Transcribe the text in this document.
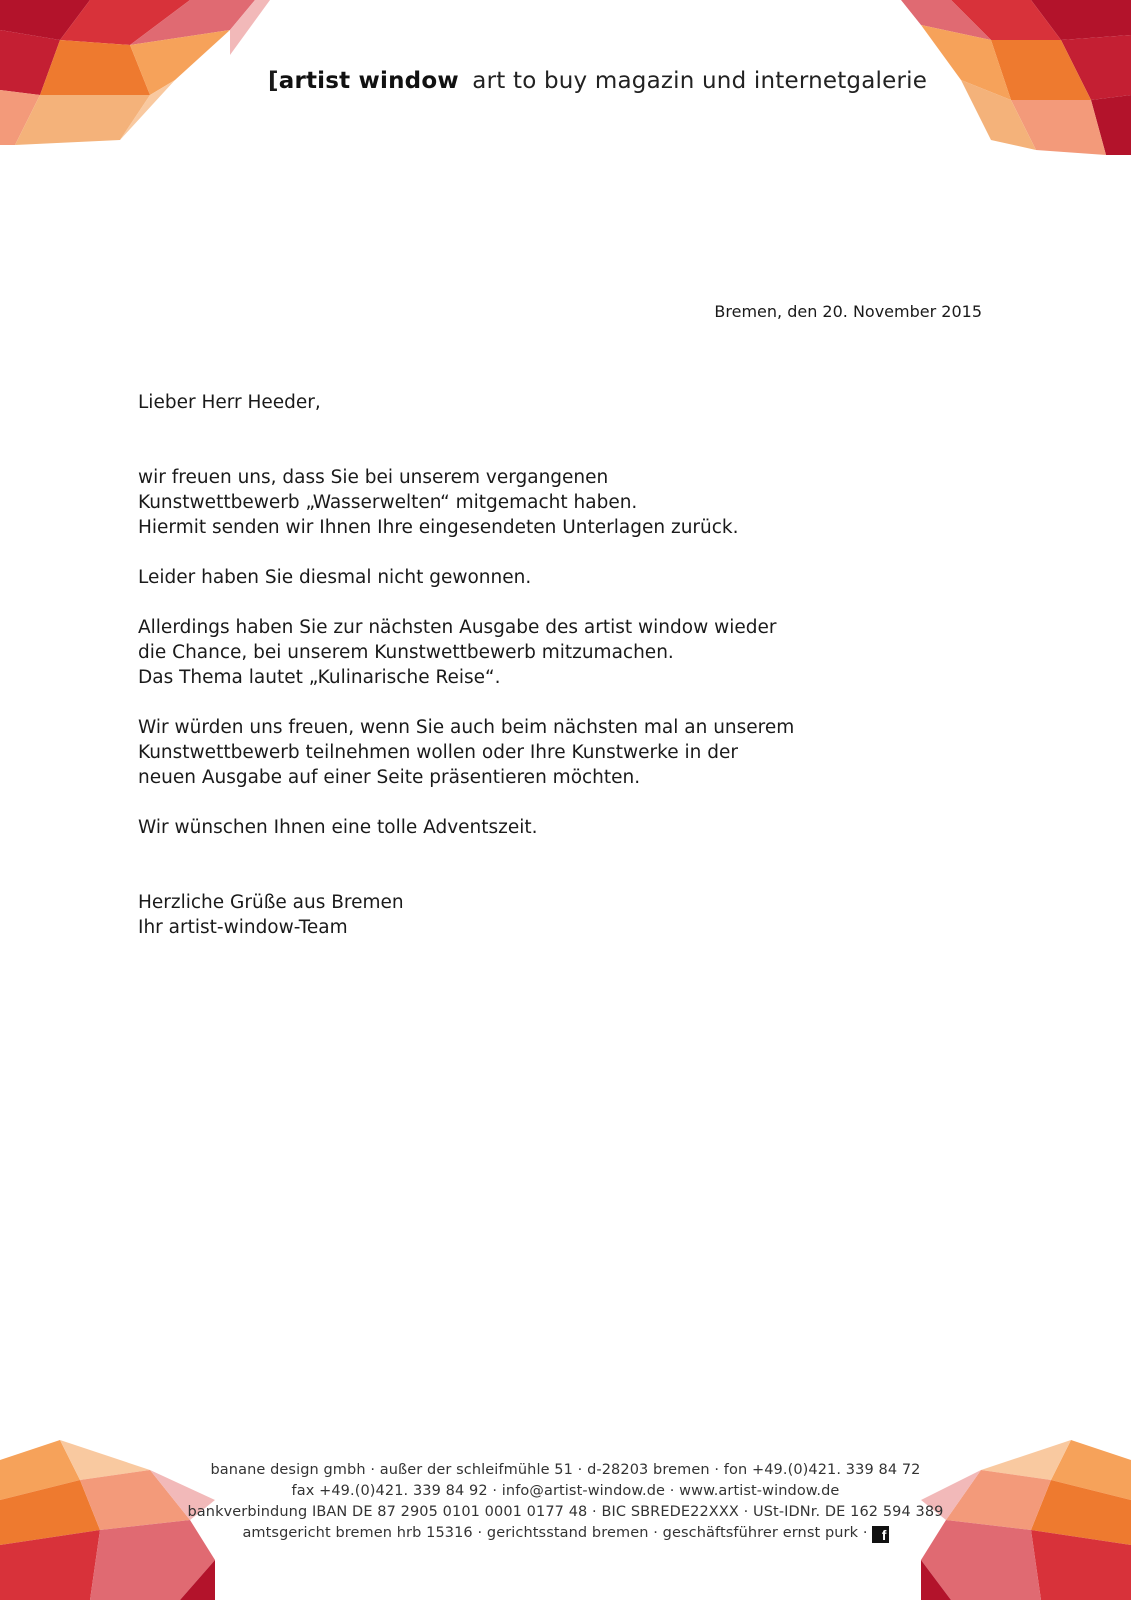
[artist window art to buy magazin und internetgalerie
Bremen, den 20. November 2015

Lieber Herr Heeder,

wir freuen uns, dass Sie bei unserem vergangenen

Kunstwettbewerb „Wasserwelten“ mitgemacht haben.

Hiermit senden wir Ihnen Ihre eingesendeten Unterlagen zurück.

Leider haben Sie diesmal nicht gewonnen.

Allerdings haben Sie zur nächsten Ausgabe des artist window wieder

die Chance, bei unserem Kunstwettbewerb mitzumachen.

Das Thema lautet „Kulinarische Reise“.

Wir würden uns freuen, wenn Sie auch beim nächsten mal an unserem

Kunstwettbewerb teilnehmen wollen oder Ihre Kunstwerke in der

neuen Ausgabe auf einer Seite präsentieren möchten.

Wir wünschen Ihnen eine tolle Adventszeit.

Herzliche Grüße aus Bremen

Ihr artist-window-Team

banane design gmbh · außer der schleifmühle 51 · d-28203 bremen · fon +49.(0)421. 339 84 72

fax +49.(0)421. 339 84 92 · info@artist-window.de · www.artist-window.de

bankverbindung IBAN DE 87 2905 0101 0001 0177 48 · BIC SBREDE22XXX · USt-IDNr. DE 162 594 389

amtsgericht bremen hrb 15316 · gerichtsstand bremen · geschäftsführer ernst purk · f
